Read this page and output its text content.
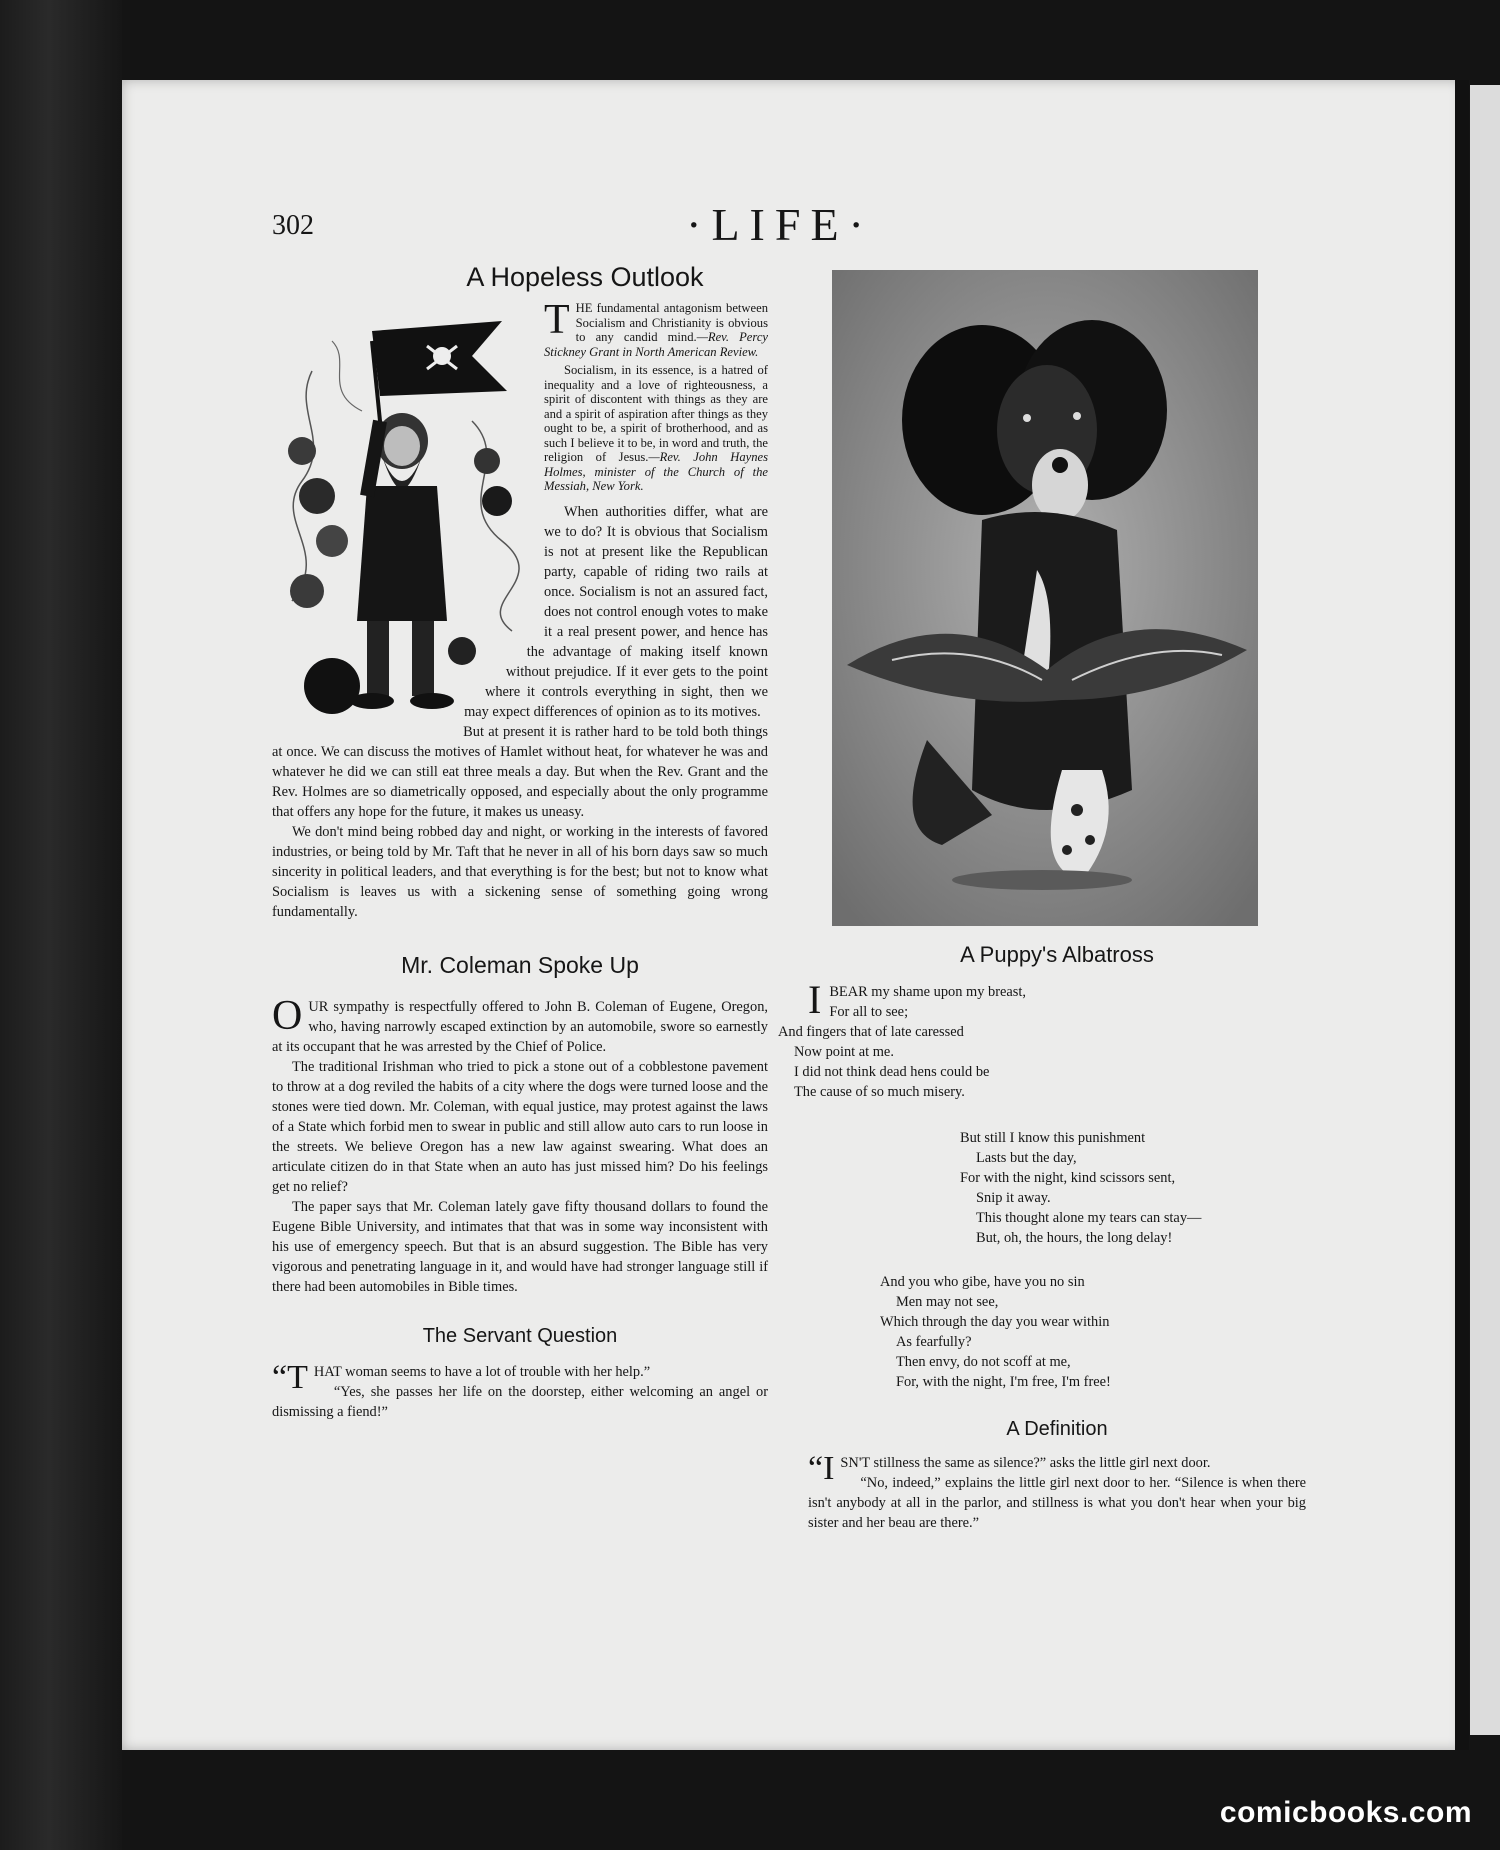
302	·LIFE·
A Hopeless Outlook

THE fundamental antagonism between Socialism and Christianity is obvious to any candid mind.—Rev. Percy Stickney Grant in North American Review.

Socialism, in its essence, is a hatred of inequality and a love of righteousness, a spirit of discontent with things as they are and a spirit of aspiration after things as they ought to be, a spirit of brotherhood, and as such I believe it to be, in word and truth, the religion of Jesus.—Rev. John Haynes Holmes, minister of the Church of the Messiah, New York.

When authorities differ, what are we to do? It is obvious that Socialism is not at present like the Republican party, capable of riding two rails at once. Socialism is not an assured fact, does not control enough votes to make it a real present power, and hence has the advantage of making itself known without prejudice. If it ever gets to the point where it controls everything in sight, then we may expect differences of opinion as to its motives.

But at present it is rather hard to be told both things at once. We can discuss the motives of Hamlet without heat, for whatever he was and whatever he did we can still eat three meals a day. But when the Rev. Grant and the Rev. Holmes are so diametrically opposed, and especially about the only programme that offers any hope for the future, it makes us uneasy.

We don't mind being robbed day and night, or working in the interests of favored industries, or being told by Mr. Taft that he never in all of his born days saw so much sincerity in political leaders, and that everything is for the best; but not to know what Socialism is leaves us with a sickening sense of something going wrong fundamentally.

Mr. Coleman Spoke Up

OUR sympathy is respectfully offered to John B. Coleman of Eugene, Oregon, who, having narrowly escaped extinction by an automobile, swore so earnestly at its occupant that he was arrested by the Chief of Police.

The traditional Irishman who tried to pick a stone out of a cobblestone pavement to throw at a dog reviled the habits of a city where the dogs were turned loose and the stones were tied down. Mr. Coleman, with equal justice, may protest against the laws of a State which forbid men to swear in public and still allow auto cars to run loose in the streets. We believe Oregon has a new law against swearing. What does an articulate citizen do in that State when an auto has just missed him? Do his feelings get no relief?

The paper says that Mr. Coleman lately gave fifty thousand dollars to found the Eugene Bible University, and intimates that that was in some way inconsistent with his use of emergency speech. But that is an absurd suggestion. The Bible has very vigorous and penetrating language in it, and would have had stronger language still if there had been automobiles in Bible times.

The Servant Question

“THAT woman seems to have a lot of trouble with her help.”

“Yes, she passes her life on the doorstep, either welcoming an angel or dismissing a fiend!”

A Puppy's Albatross
I BEAR my shame upon my breast,
For all to see;
And fingers that of late caressed
Now point at me.
I did not think dead hens could be
The cause of so much misery.
But still I know this punishment
Lasts but the day,
For with the night, kind scissors sent,
Snip it away.
This thought alone my tears can stay—
But, oh, the hours, the long delay!
And you who gibe, have you no sin
Men may not see,
Which through the day you wear within
As fearfully?
Then envy, do not scoff at me,
For, with the night, I'm free, I'm free!
A Definition

“ISN'T stillness the same as silence?” asks the little girl next door.

“No, indeed,” explains the little girl next door to her. “Silence is when there isn't anybody at all in the parlor, and stillness is what you don't hear when your big sister and her beau are there.”

comicbooks.com
